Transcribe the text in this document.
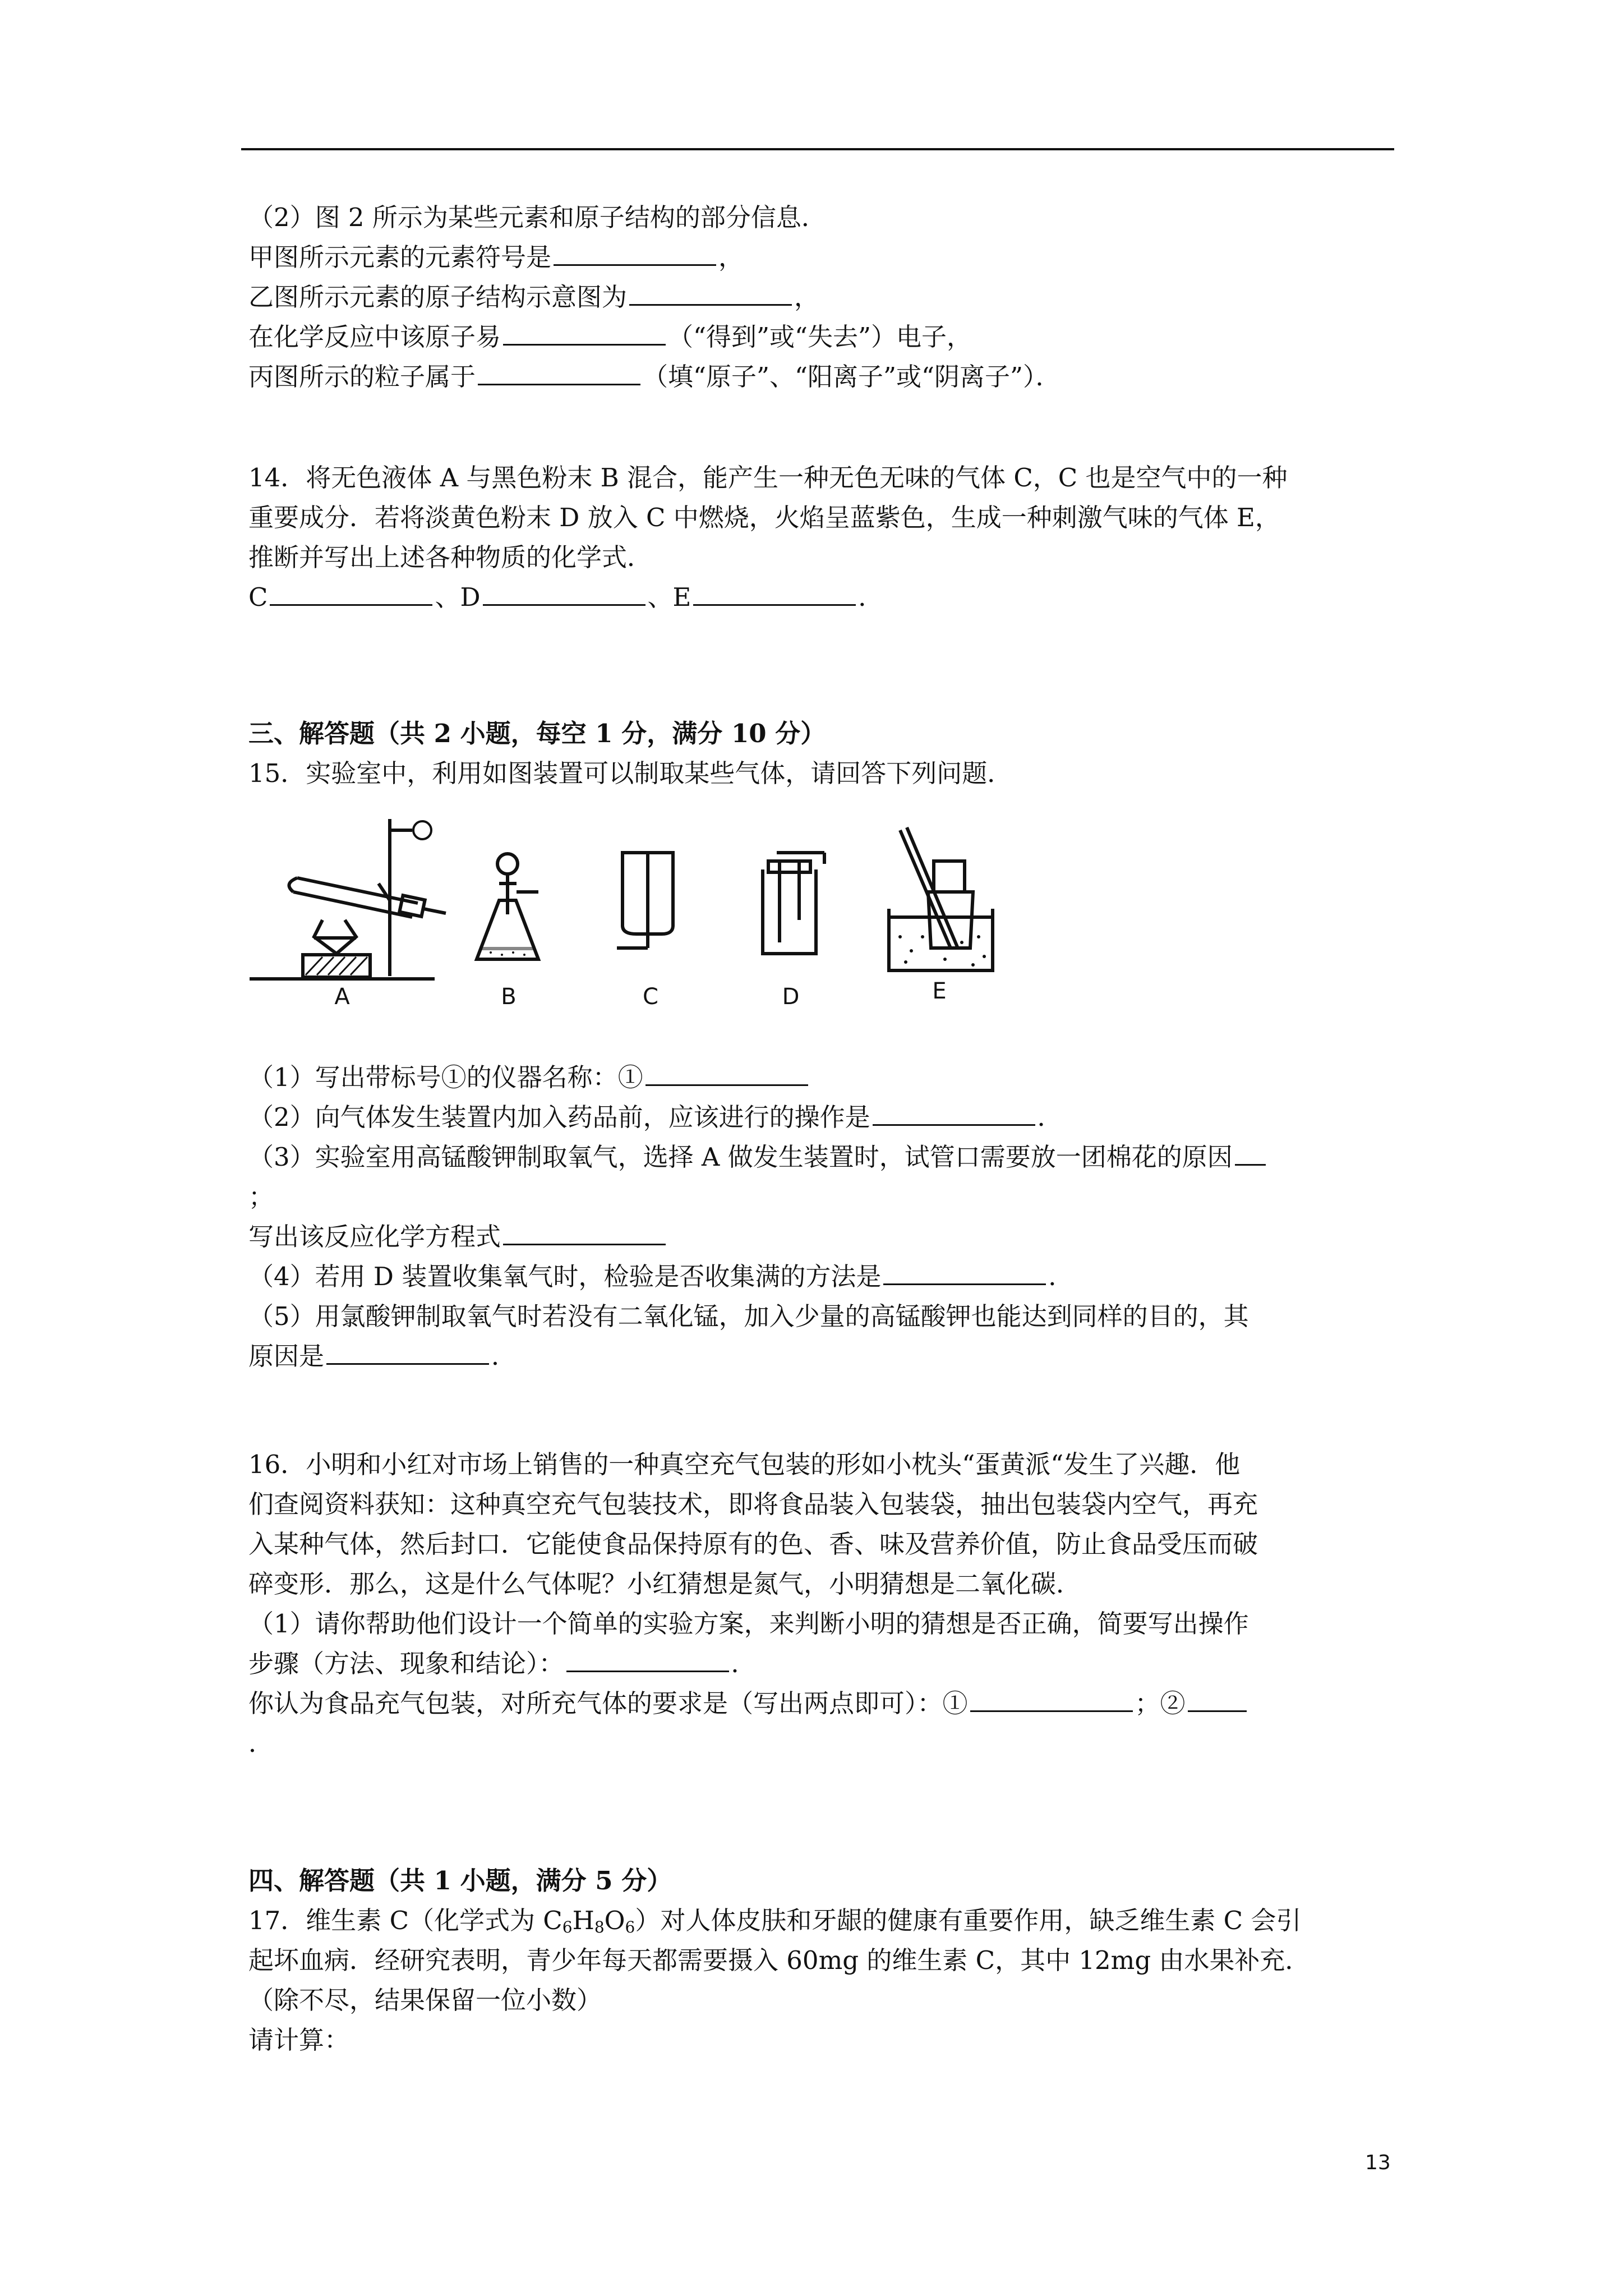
（2）图 2 所示为某些元素和原子结构的部分信息．
甲图所示元素的元素符号是	，
乙图所示元素的原子结构示意图为	，
在化学反应中该原子易	（“得到”或“失去”）电子，
丙图所示的粒子属于	（填“原子”、“阳离子”或“阴离子”）．
14．将无色液体 A 与黑色粉末 B 混合，能产生一种无色无味的气体 C，C 也是空气中的一种
重要成分．若将淡黄色粉末 D 放入 C 中燃烧，火焰呈蓝紫色，生成一种刺激气味的气体 E，
推断并写出上述各种物质的化学式．
C	、D	、E	．
三、解答题（共 2 小题，每空 1 分，满分 10 分）
15．实验室中，利用如图装置可以制取某些气体，请回答下列问题．
A	B	C	D	E
（1）写出带标号①的仪器名称：①
（2）向气体发生装置内加入药品前，应该进行的操作是	．
（3）实验室用高锰酸钾制取氧气，选择 A 做发生装置时，试管口需要放一团棉花的原因
；
写出该反应化学方程式
（4）若用 D 装置收集氧气时，检验是否收集满的方法是	．
（5）用氯酸钾制取氧气时若没有二氧化锰，加入少量的高锰酸钾也能达到同样的目的，其
原因是	．
16．小明和小红对市场上销售的一种真空充气包装的形如小枕头“蛋黄派“发生了兴趣．他
们查阅资料获知：这种真空充气包装技术，即将食品装入包装袋，抽出包装袋内空气，再充
入某种气体，然后封口．它能使食品保持原有的色、香、味及营养价值，防止食品受压而破
碎变形．那么，这是什么气体呢？小红猜想是氮气，小明猜想是二氧化碳．
（1）请你帮助他们设计一个简单的实验方案，来判断小明的猜想是否正确，简要写出操作
步骤（方法、现象和结论）：	．
你认为食品充气包装，对所充气体的要求是（写出两点即可）：①	；②
．
四、解答题（共 1 小题，满分 5 分）
17．维生素 C（化学式为 $C_6H_8O_6$）对人体皮肤和牙龈的健康有重要作用，缺乏维生素 C 会引
起坏血病．经研究表明，青少年每天都需要摄入 60mg 的维生素 C，其中 12mg 由水果补充．
（除不尽，结果保留一位小数）
请计算：
13
